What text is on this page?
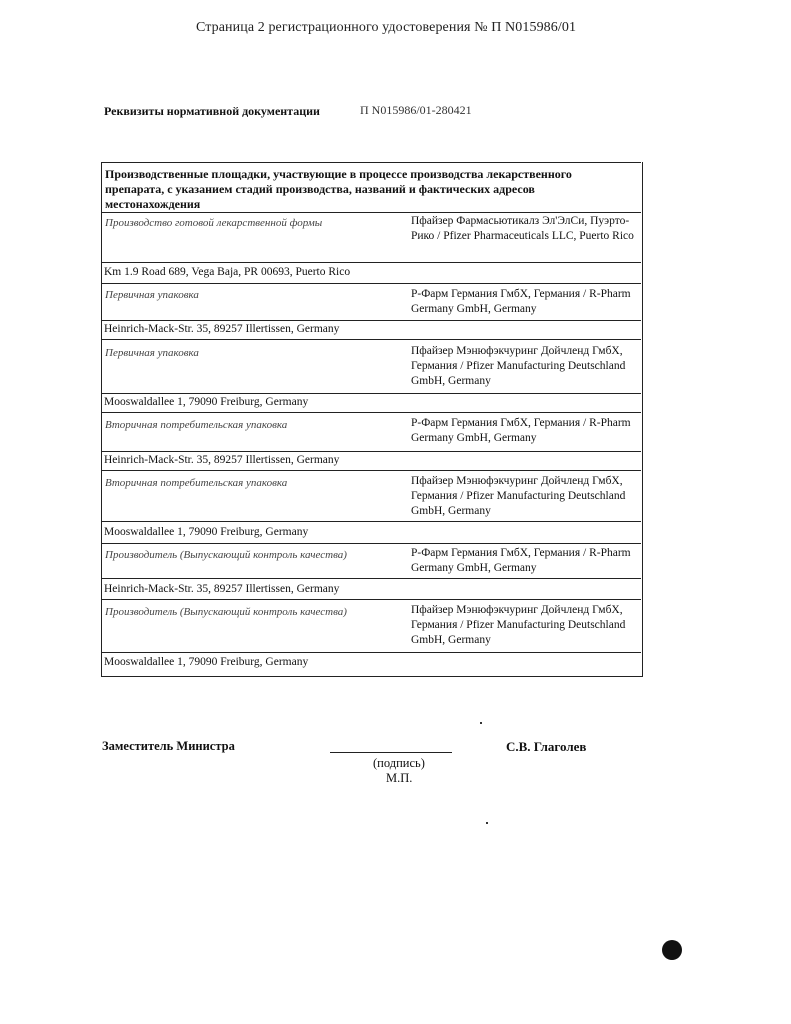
Страница 2 регистрационного удостоверения № П N015986/01
Реквизиты нормативной документации	П N015986/01-280421
Производственные площадки, участвующие в процессе производства лекарственного препарата, с указанием стадий производства, названий и фактических адресов местонахождения
Производство готовой лекарственной формы	Пфайзер Фармасьютикалз Эл'ЭлСи, Пуэрто-Рико / Pfizer Pharmaceuticals LLC, Puerto Rico
Km 1.9 Road 689, Vega Baja, PR 00693, Puerto Rico
Первичная упаковка	Р-Фарм Германия ГмбХ, Германия / R-Pharm Germany GmbH, Germany
Heinrich-Mack-Str. 35, 89257 Illertissen, Germany
Первичная упаковка	Пфайзер Мэнюфэкчуринг Дойчленд ГмбХ, Германия / Pfizer Manufacturing Deutschland GmbH, Germany
Mooswaldallee 1, 79090 Freiburg, Germany
Вторичная потребительская упаковка	Р-Фарм Германия ГмбХ, Германия / R-Pharm Germany GmbH, Germany
Heinrich-Mack-Str. 35, 89257 Illertissen, Germany
Вторичная потребительская упаковка	Пфайзер Мэнюфэкчуринг Дойчленд ГмбХ, Германия / Pfizer Manufacturing Deutschland GmbH, Germany
Mooswaldallee 1, 79090 Freiburg, Germany
Производитель (Выпускающий контроль качества)	Р-Фарм Германия ГмбХ, Германия / R-Pharm Germany GmbH, Germany
Heinrich-Mack-Str. 35, 89257 Illertissen, Germany
Производитель (Выпускающий контроль качества)	Пфайзер Мэнюфэкчуринг Дойчленд ГмбХ, Германия / Pfizer Manufacturing Deutschland GmbH, Germany
Mooswaldallee 1, 79090 Freiburg, Germany
Заместитель Министра	С.В. Глаголев
(подпись)
М.П.
